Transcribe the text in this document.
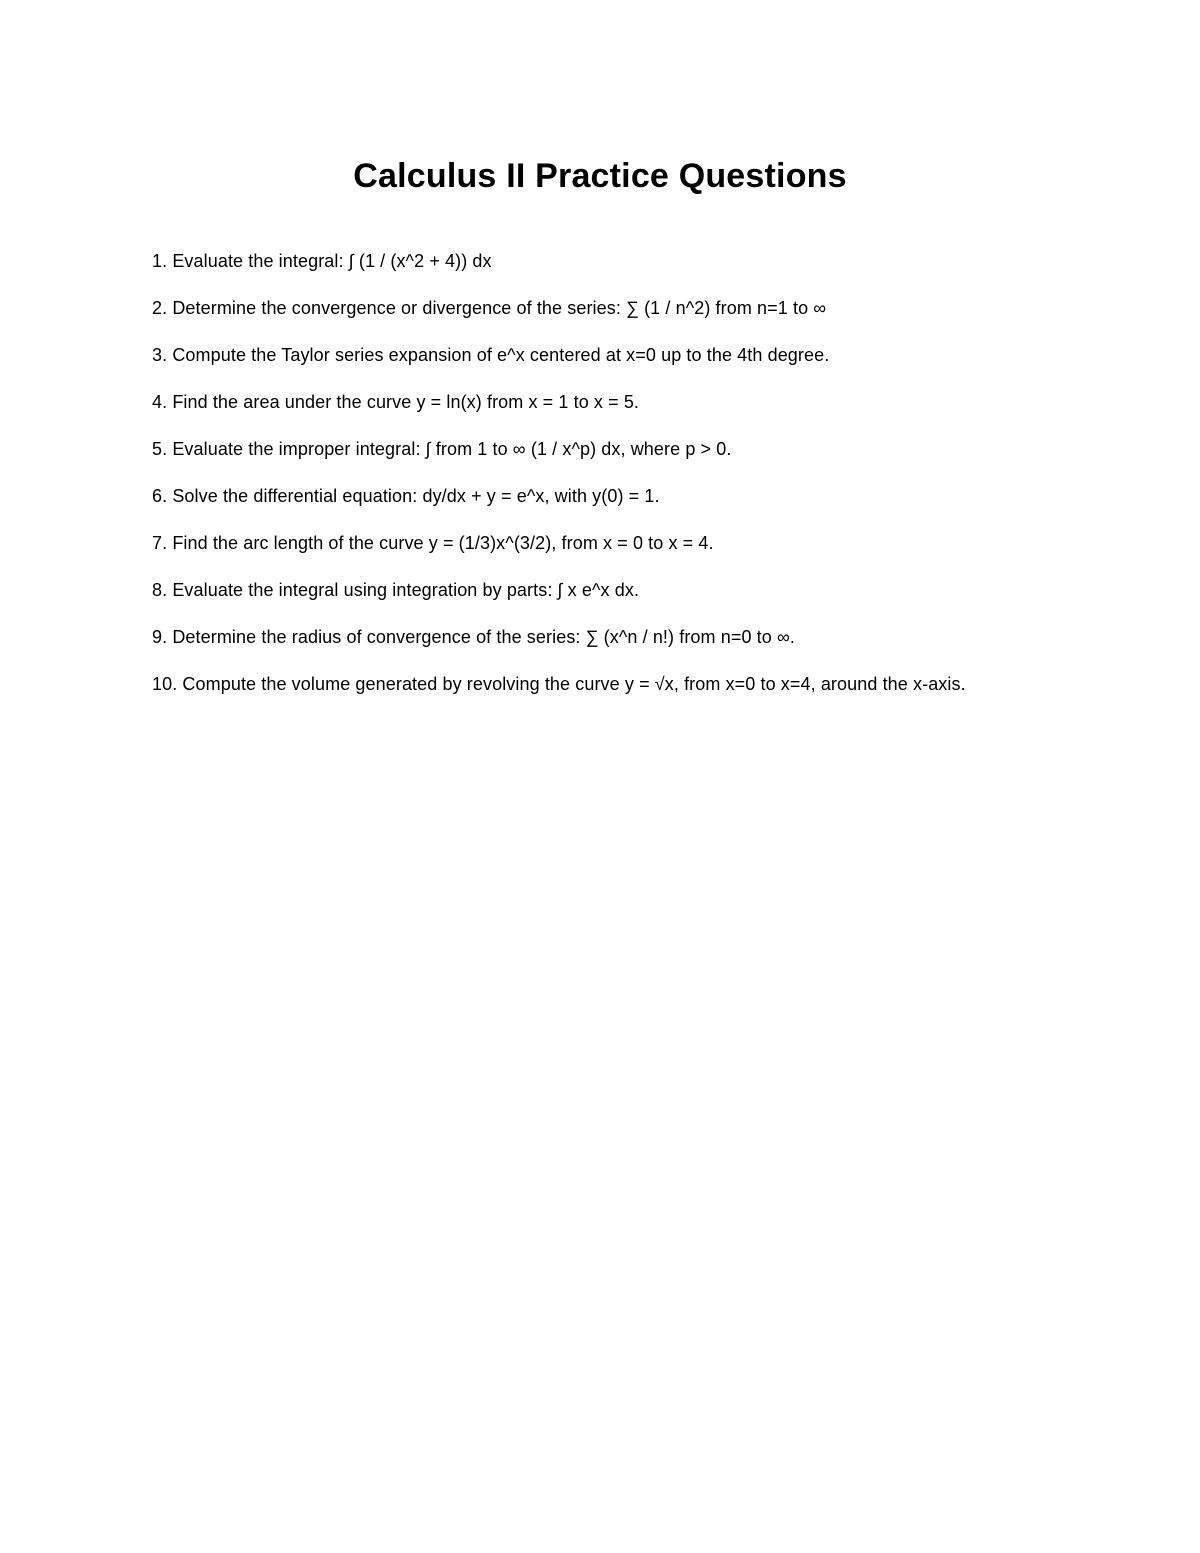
Calculus II Practice Questions
1. Evaluate the integral: ∫ (1 / (x^2 + 4)) dx
2. Determine the convergence or divergence of the series: ∑ (1 / n^2) from n=1 to ∞
3. Compute the Taylor series expansion of e^x centered at x=0 up to the 4th degree.
4. Find the area under the curve y = ln(x) from x = 1 to x = 5.
5. Evaluate the improper integral: ∫ from 1 to ∞ (1 / x^p) dx, where p > 0.
6. Solve the differential equation: dy/dx + y = e^x, with y(0) = 1.
7. Find the arc length of the curve y = (1/3)x^(3/2), from x = 0 to x = 4.
8. Evaluate the integral using integration by parts: ∫ x e^x dx.
9. Determine the radius of convergence of the series: ∑ (x^n / n!) from n=0 to ∞.
10. Compute the volume generated by revolving the curve y = √x, from x=0 to x=4, around the x-axis.
